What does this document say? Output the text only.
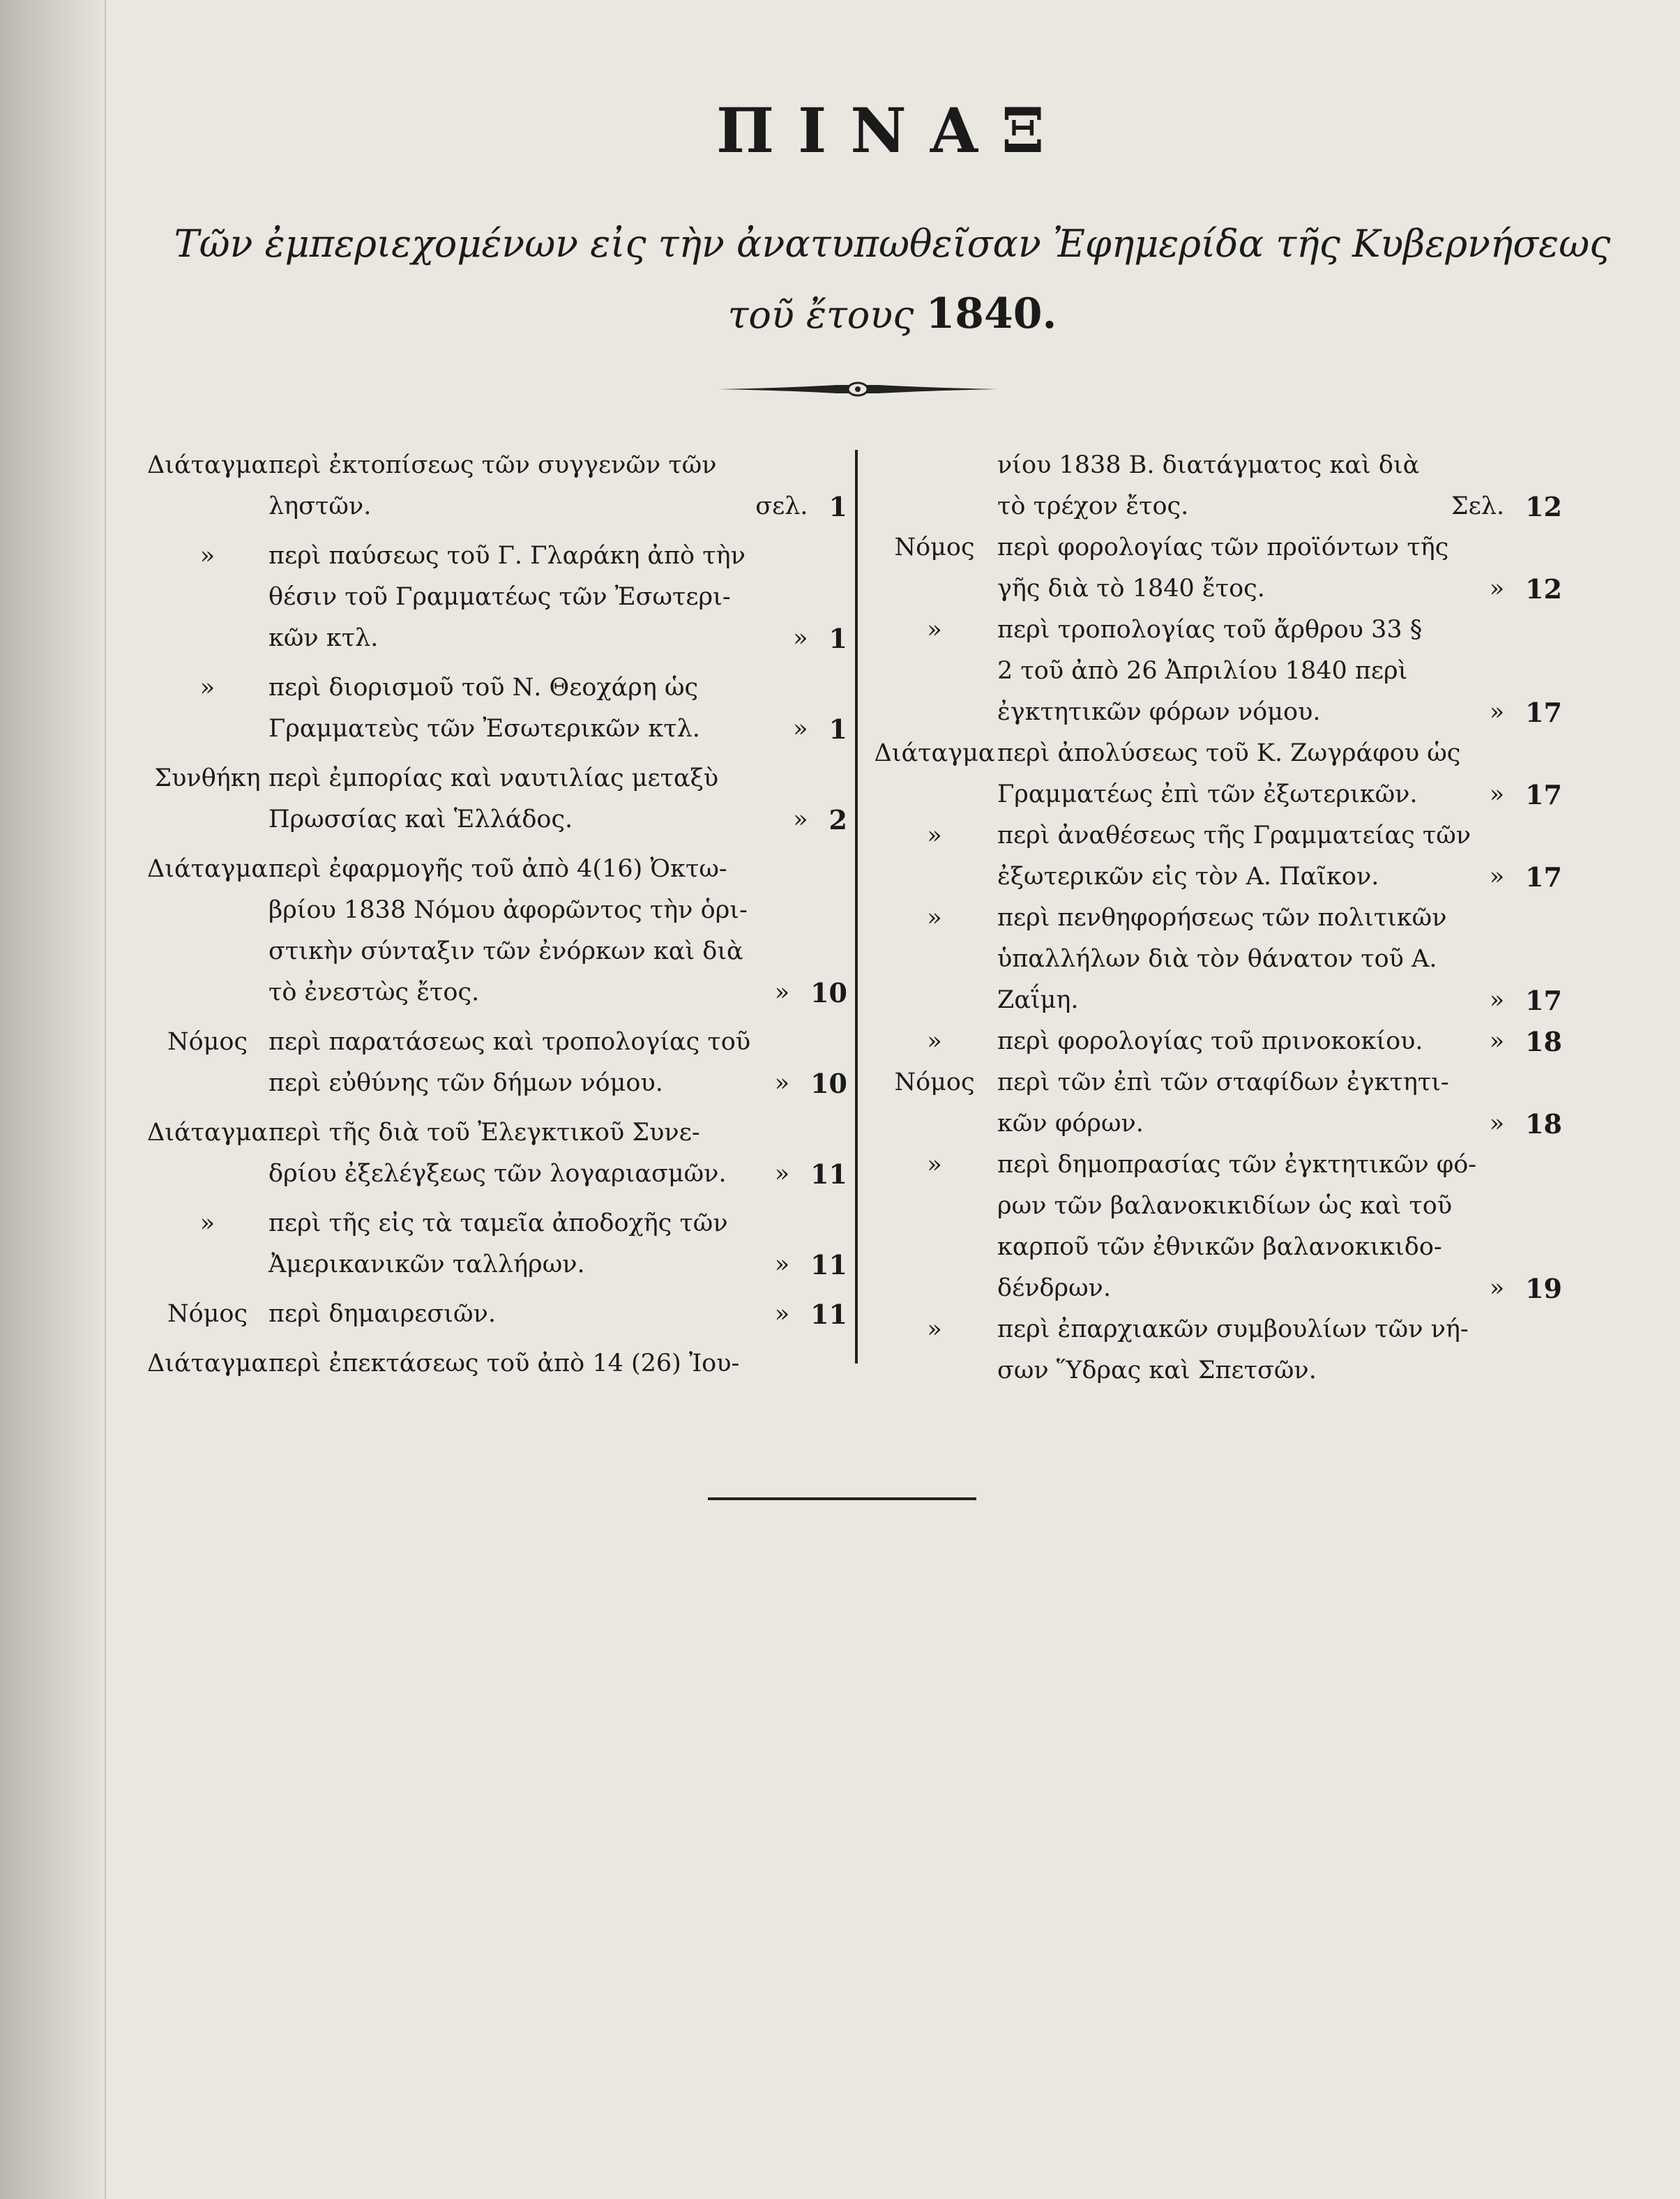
ΠΙΝΑΞ
Τῶν ἐμπεριεχομένων εἰς τὴν ἀνατυπωθεῖσαν Ἐφημερίδα τῆς Κυβερνήσεως
τοῦ ἔτους 1840.
Διάταγμα περὶ ἐκτοπίσεως τῶν συγγενῶν τῶν
ληστῶν.	σελ. 1
»	περὶ παύσεως τοῦ Γ. Γλαράκη ἀπὸ τὴν
θέσιν τοῦ Γραμματέως τῶν Ἐσωτερι-
κῶν κτλ.	» 1
»	περὶ διορισμοῦ τοῦ Ν. Θεοχάρη ὡς
Γραμματεὺς τῶν Ἐσωτερικῶν κτλ.	» 1
Συνθήκη περὶ ἐμπορίας καὶ ναυτιλίας μεταξὺ
Πρωσσίας καὶ Ἑλλάδος.	» 2
Διάταγμα περὶ ἐφαρμογῆς τοῦ ἀπὸ 4(16) Ὀκτω-
βρίου 1838 Νόμου ἀφορῶντος τὴν ὁρι-
στικὴν σύνταξιν τῶν ἐνόρκων καὶ διὰ
τὸ ἐνεστὼς ἔτος.	» 10
Νόμος περὶ παρατάσεως καὶ τροπολογίας τοῦ
περὶ εὐθύνης τῶν δήμων νόμου.	» 10
Διάταγμα περὶ τῆς διὰ τοῦ Ἐλεγκτικοῦ Συνε-
δρίου ἐξελέγξεως τῶν λογαριασμῶν. » 11
»	περὶ τῆς εἰς τὰ ταμεῖα ἀποδοχῆς τῶν
Ἀμερικανικῶν ταλλήρων.	» 11
Νόμος περὶ δημαιρεσιῶν.	» 11
Διάταγμα περὶ ἐπεκτάσεως τοῦ ἀπὸ 14 (26) Ἰου-
νίου 1838 Β. διατάγματος καὶ διὰ
τὸ τρέχον ἔτος.	Σελ. 12
Νόμος περὶ φορολογίας τῶν προϊόντων τῆς
γῆς διὰ τὸ 1840 ἔτος.	» 12
»	περὶ τροπολογίας τοῦ ἄρθρου 33 §
2 τοῦ ἀπὸ 26 Ἀπριλίου 1840 περὶ
ἐγκτητικῶν φόρων νόμου.	» 17
Διάταγμα περὶ ἀπολύσεως τοῦ Κ. Ζωγράφου ὡς
Γραμματέως ἐπὶ τῶν ἐξωτερικῶν.	» 17
»	περὶ ἀναθέσεως τῆς Γραμματείας τῶν
ἐξωτερικῶν εἰς τὸν Α. Παῖκον.	» 17
»	περὶ πενθηφορήσεως τῶν πολιτικῶν
ὑπαλλήλων διὰ τὸν θάνατον τοῦ Α.
Ζαΐμη.	» 17
»	περὶ φορολογίας τοῦ πρινοκοκίου.	» 18
Νόμος περὶ τῶν ἐπὶ τῶν σταφίδων ἐγκτητι-
κῶν φόρων.	» 18
»	περὶ δημοπρασίας τῶν ἐγκτητικῶν φό-
ρων τῶν βαλανοκικιδίων ὡς καὶ τοῦ
καρποῦ τῶν ἐθνικῶν βαλανοκικιδο-
δένδρων.	» 19
»	περὶ ἐπαρχιακῶν συμβουλίων τῶν νή-
σων Ὕδρας καὶ Σπετσῶν.
